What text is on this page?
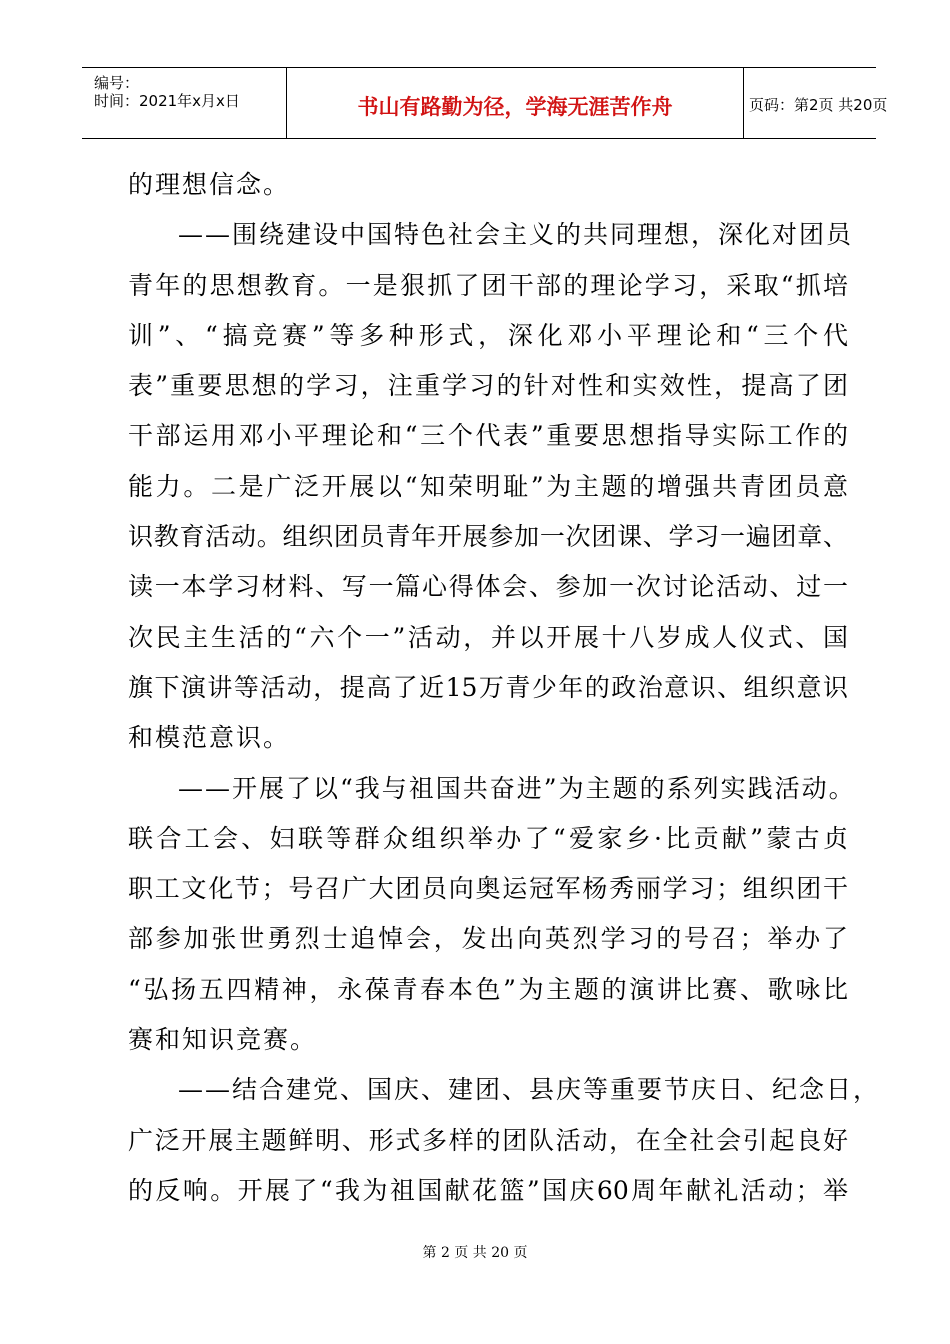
编号：
时间：2021年x月x日	书山有路勤为径，学海无涯苦作舟	页码：第2页 共20页
的理想信念。
——围绕建设中国特色社会主义的共同理想，深化对团员
青年的思想教育。一是狠抓了团干部的理论学习，采取“抓培
训”、“搞竞赛”等多种形式，深化邓小平理论和“三个代
表”重要思想的学习，注重学习的针对性和实效性，提高了团
干部运用邓小平理论和“三个代表”重要思想指导实际工作的
能力。二是广泛开展以“知荣明耻”为主题的增强共青团员意
识教育活动。组织团员青年开展参加一次团课、学习一遍团章、
读一本学习材料、写一篇心得体会、参加一次讨论活动、过一
次民主生活的“六个一”活动，并以开展十八岁成人仪式、国
旗下演讲等活动，提高了近15万青少年的政治意识、组织意识
和模范意识。
——开展了以“我与祖国共奋进”为主题的系列实践活动。
联合工会、妇联等群众组织举办了“爱家乡·比贡献”蒙古贞
职工文化节；号召广大团员向奥运冠军杨秀丽学习；组织团干
部参加张世勇烈士追悼会，发出向英烈学习的号召；举办了
“弘扬五四精神，永葆青春本色”为主题的演讲比赛、歌咏比
赛和知识竞赛。
——结合建党、国庆、建团、县庆等重要节庆日、纪念日，
广泛开展主题鲜明、形式多样的团队活动，在全社会引起良好
的反响。开展了“我为祖国献花篮”国庆60周年献礼活动；举
第 2 页 共 20 页
